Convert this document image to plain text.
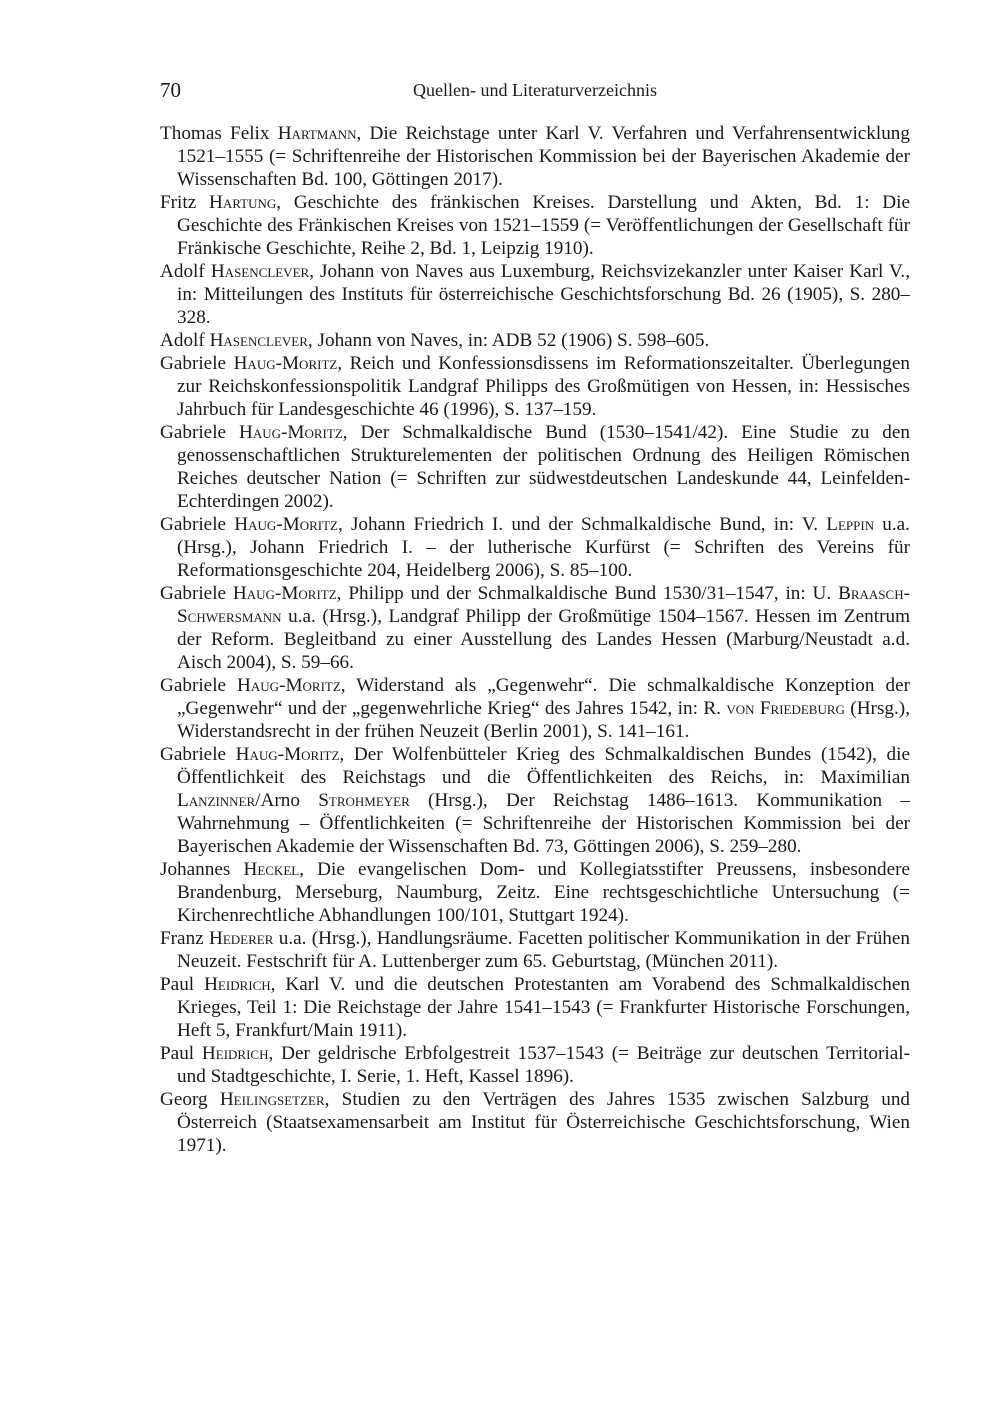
70	Quellen- und Literaturverzeichnis
Thomas Felix Hartmann, Die Reichstage unter Karl V. Verfahren und Verfahrensentwicklung 1521–1555 (= Schriftenreihe der Historischen Kommission bei der Bayerischen Akademie der Wissenschaften Bd. 100, Göttingen 2017).
Fritz Hartung, Geschichte des fränkischen Kreises. Darstellung und Akten, Bd. 1: Die Geschichte des Fränkischen Kreises von 1521–1559 (= Veröffentlichungen der Gesellschaft für Fränkische Geschichte, Reihe 2, Bd. 1, Leipzig 1910).
Adolf Hasenclever, Johann von Naves aus Luxemburg, Reichsvizekanzler unter Kaiser Karl V., in: Mitteilungen des Instituts für österreichische Geschichtsforschung Bd. 26 (1905), S. 280–328.
Adolf Hasenclever, Johann von Naves, in: ADB 52 (1906) S. 598–605.
Gabriele Haug-Moritz, Reich und Konfessionsdissens im Reformationszeitalter. Überlegungen zur Reichskonfessionspolitik Landgraf Philipps des Großmütigen von Hessen, in: Hessisches Jahrbuch für Landesgeschichte 46 (1996), S. 137–159.
Gabriele Haug-Moritz, Der Schmalkaldische Bund (1530–1541/42). Eine Studie zu den genossenschaftlichen Strukturelementen der politischen Ordnung des Heiligen Römischen Reiches deutscher Nation (= Schriften zur südwestdeutschen Landeskunde 44, Leinfelden-Echterdingen 2002).
Gabriele Haug-Moritz, Johann Friedrich I. und der Schmalkaldische Bund, in: V. Leppin u.a. (Hrsg.), Johann Friedrich I. – der lutherische Kurfürst (= Schriften des Vereins für Reformationsgeschichte 204, Heidelberg 2006), S. 85–100.
Gabriele Haug-Moritz, Philipp und der Schmalkaldische Bund 1530/31–1547, in: U. Braasch-Schwersmann u.a. (Hrsg.), Landgraf Philipp der Großmütige 1504–1567. Hessen im Zentrum der Reform. Begleitband zu einer Ausstellung des Landes Hessen (Marburg/Neustadt a.d. Aisch 2004), S. 59–66.
Gabriele Haug-Moritz, Widerstand als „Gegenwehr“. Die schmalkaldische Konzeption der „Gegenwehr“ und der „gegenwehrliche Krieg“ des Jahres 1542, in: R. von Friedeburg (Hrsg.), Widerstandsrecht in der frühen Neuzeit (Berlin 2001), S. 141–161.
Gabriele Haug-Moritz, Der Wolfenbütteler Krieg des Schmalkaldischen Bundes (1542), die Öffentlichkeit des Reichstags und die Öffentlichkeiten des Reichs, in: Maximilian Lanzinner/Arno Strohmeyer (Hrsg.), Der Reichstag 1486–1613. Kommunikation – Wahrnehmung – Öffentlichkeiten (= Schriftenreihe der Historischen Kommission bei der Bayerischen Akademie der Wissenschaften Bd. 73, Göttingen 2006), S. 259–280.
Johannes Heckel, Die evangelischen Dom- und Kollegiatsstifter Preussens, insbesondere Brandenburg, Merseburg, Naumburg, Zeitz. Eine rechtsgeschichtliche Untersuchung (= Kirchenrechtliche Abhandlungen 100/101, Stuttgart 1924).
Franz Hederer u.a. (Hrsg.), Handlungsräume. Facetten politischer Kommunikation in der Frühen Neuzeit. Festschrift für A. Luttenberger zum 65. Geburtstag, (München 2011).
Paul Heidrich, Karl V. und die deutschen Protestanten am Vorabend des Schmalkaldischen Krieges, Teil 1: Die Reichstage der Jahre 1541–1543 (= Frankfurter Historische Forschungen, Heft 5, Frankfurt/Main 1911).
Paul Heidrich, Der geldrische Erbfolgestreit 1537–1543 (= Beiträge zur deutschen Territorial- und Stadtgeschichte, I. Serie, 1. Heft, Kassel 1896).
Georg Heilingsetzer, Studien zu den Verträgen des Jahres 1535 zwischen Salzburg und Österreich (Staatsexamensarbeit am Institut für Österreichische Geschichtsforschung, Wien 1971).
